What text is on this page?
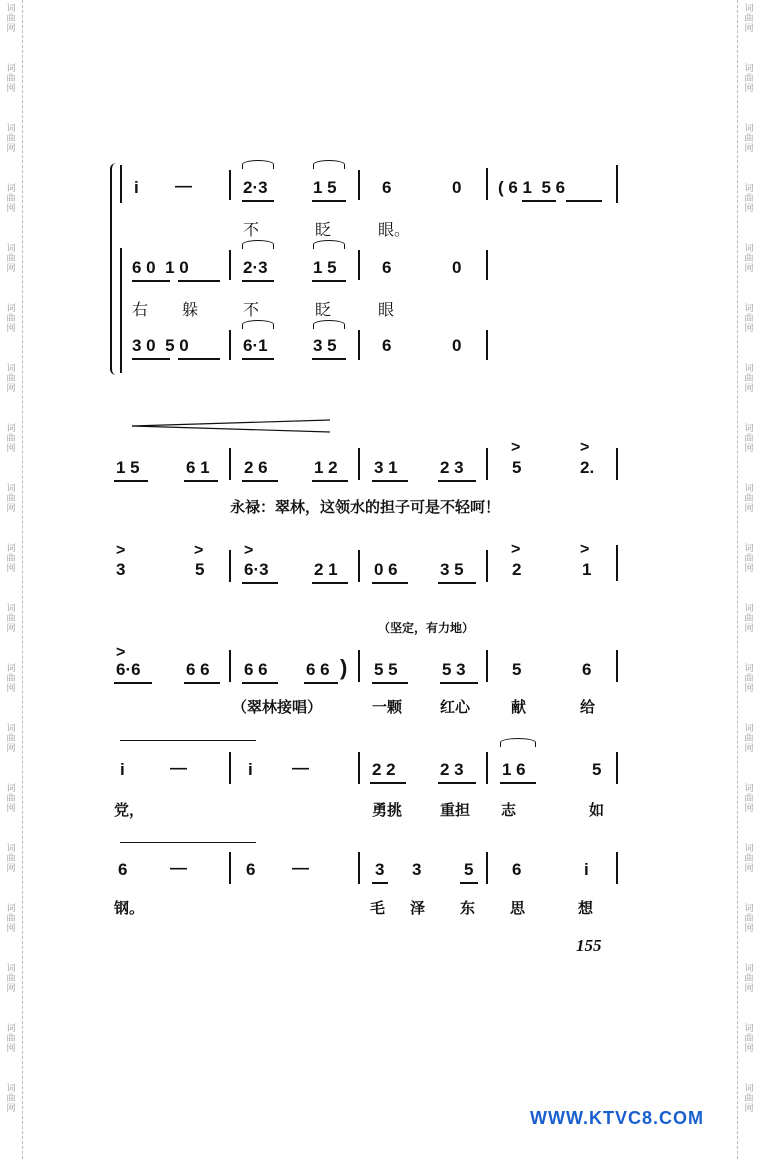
词
曲
网
词
曲
网
词
曲
网
词
曲
网
词
曲
网
词
曲
网
词
曲
网
词
曲
网
词
曲
网
词
曲
网
词
曲
网
词
曲
网
词
曲
网
词
曲
网
词
曲
网
词
曲
网
词
曲
网
词
曲
网
词
曲
网
词
曲
网
词
曲
网
词
曲
网
词
曲
网
词
曲
网
词
曲
网
词
曲
网
词
曲
网
词
曲
网
词
曲
网
词
曲
网
词
曲
网
词
曲
网
词
曲
网
词
曲
网
词
曲
网
词
曲
网
词
曲
网
词
曲
网
i —	2·3	1 5	6	0 ( 6 1  5 6
不	眨	眼。
6 0  1 0	2·3	1 5	6	0
右 躲	不	眨	眼
3 0  5 0	6·1	3 5	6	0
1 5	6 1 2 6	1 2 3 1 2 3
>
5
>
2.
永禄：翠林，这领水的担子可是不轻呵！
>
3
>
5
>
6·3	2 1 0 6 3 5
>
2
>
1
（坚定，有力地）
>
6·6	6 6 6 6 6 6 ) 5 5	5 3	5	6
（翠林接唱）	一颗	红心	献	给
i	—	i —	2 2	2 3 1 6	5
党，	勇挑	重担 志	如
6	—	6 —	3 3	5 6	i
钢。	毛 泽 东 思	想
155
WWW.KTVC8.COM
